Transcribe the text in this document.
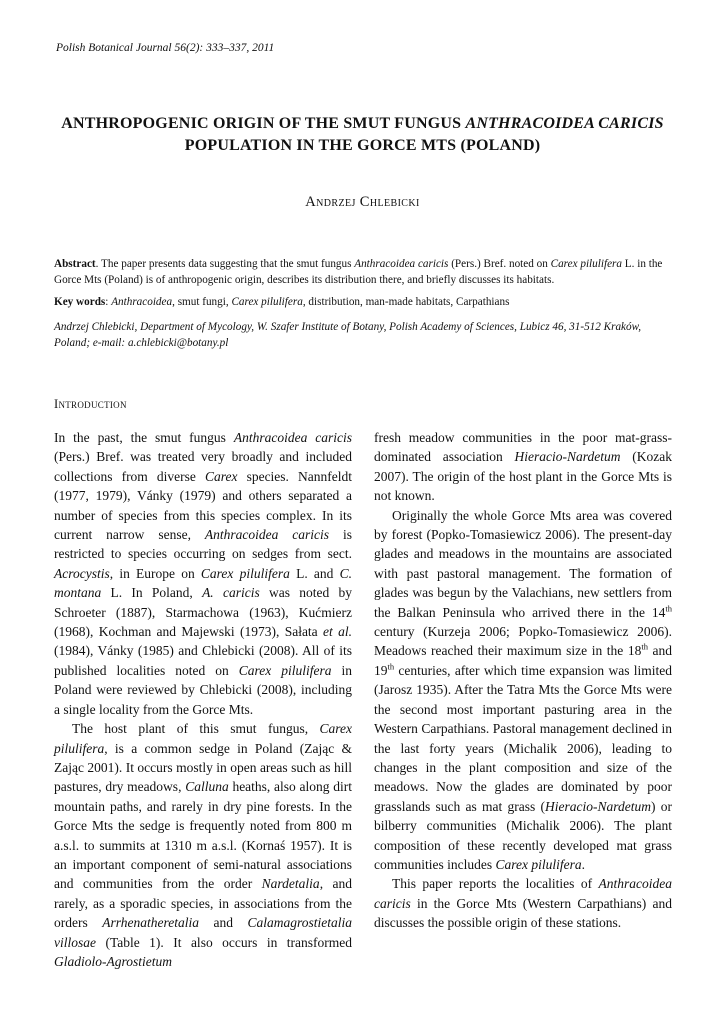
Polish Botanical Journal 56(2): 333–337, 2011
ANTHROPOGENIC ORIGIN OF THE SMUT FUNGUS ANTHRACOIDEA CARICIS POPULATION IN THE GORCE MTS (POLAND)
Andrzej Chlebicki
Abstract. The paper presents data suggesting that the smut fungus Anthracoidea caricis (Pers.) Bref. noted on Carex pilulifera L. in the Gorce Mts (Poland) is of anthropogenic origin, describes its distribution there, and briefly discusses its habitats.
Key words: Anthracoidea, smut fungi, Carex pilulifera, distribution, man-made habitats, Carpathians
Andrzej Chlebicki, Department of Mycology, W. Szafer Institute of Botany, Polish Academy of Sciences, Lubicz 46, 31-512 Kraków, Poland; e-mail: a.chlebicki@botany.pl
Introduction

In the past, the smut fungus Anthracoidea caricis (Pers.) Bref. was treated very broadly and included collections from diverse Carex species. Nannfeldt (1977, 1979), Vánky (1979) and others separated a number of species from this species complex. In its current narrow sense, Anthracoidea caricis is restricted to species occurring on sedges from sect. Acrocystis, in Europe on Carex pilulifera L. and C. montana L. In Poland, A. caricis was noted by Schroeter (1887), Starmachowa (1963), Kućmierz (1968), Kochman and Majewski (1973), Sałata et al. (1984), Vánky (1985) and Chlebicki (2008). All of its published localities noted on Carex pilulifera in Poland were reviewed by Chlebicki (2008), including a single locality from the Gorce Mts.

The host plant of this smut fungus, Carex pilulifera, is a common sedge in Poland (Zając & Zając 2001). It occurs mostly in open areas such as hill pastures, dry meadows, Calluna heaths, also along dirt mountain paths, and rarely in dry pine forests. In the Gorce Mts the sedge is frequently noted from 800 m a.s.l. to summits at 1310 m a.s.l. (Kornaś 1957). It is an important component of semi-natural associations and communities from the order Nardetalia, and rarely, as a sporadic species, in associations from the orders Arrhenatheretalia and Calamagrostietalia villosae (Table 1). It also occurs in transformed Gladiolo-Agrostietum

fresh meadow communities in the poor mat-grass-dominated association Hieracio-Nardetum (Kozak 2007). The origin of the host plant in the Gorce Mts is not known.

Originally the whole Gorce Mts area was covered by forest (Popko-Tomasiewicz 2006). The present-day glades and meadows in the mountains are associated with past pastoral management. The formation of glades was begun by the Valachians, new settlers from the Balkan Peninsula who arrived there in the 14th century (Kurzeja 2006; Popko-Tomasiewicz 2006). Meadows reached their maximum size in the 18th and 19th centuries, after which time expansion was limited (Jarosz 1935). After the Tatra Mts the Gorce Mts were the second most important pasturing area in the Western Carpathians. Pastoral management declined in the last forty years (Michalik 2006), leading to changes in the plant composition and size of the meadows. Now the glades are dominated by poor grasslands such as mat grass (Hieracio-Nardetum) or bilberry communities (Michalik 2006). The plant composition of these recently developed mat grass communities includes Carex pilulifera.

This paper reports the localities of Anthracoidea caricis in the Gorce Mts (Western Carpathians) and discusses the possible origin of these stations.
